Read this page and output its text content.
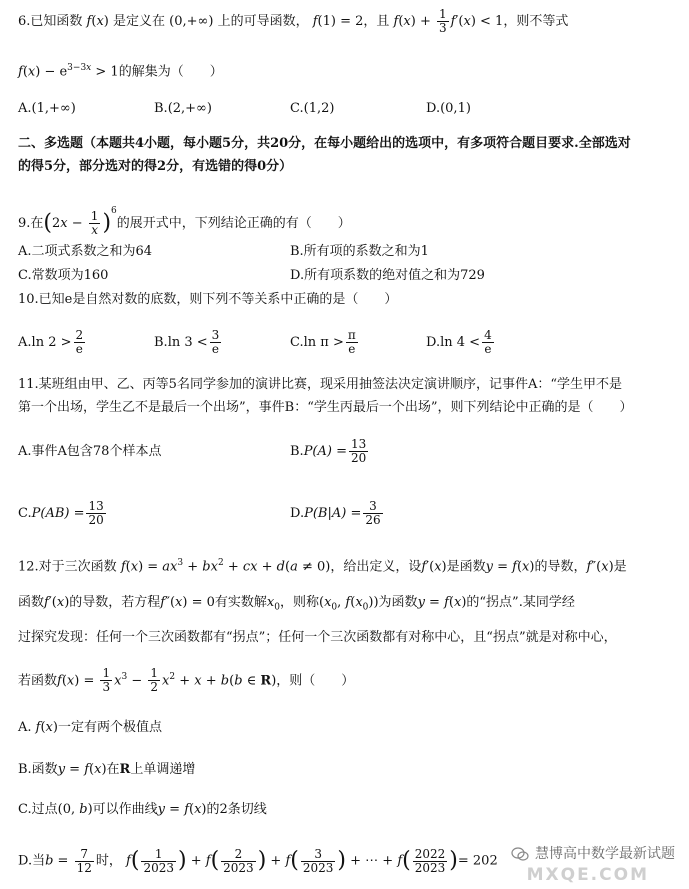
6.已知函数 f(x) 是定义在 (0,+∞) 上的可导函数， f(1) = 2，且 $f(x) + \frac{1}{3} f'(x) < 1$，则不等式
$f(x) - e^{3-3x} > 1$的解集为（　　）
A.(1,+∞)	B.(2,+∞)	C.(1,2)	D.(0,1)
二、多选题（本题共4小题，每小题5分，共20分，在每小题给出的选项中，有多项符合题目要求.全部选对
的得5分，部分选对的得2分，有选错的得0分）
9.在$(2x - \frac{1}{x} )^6$的展开式中，下列结论正确的有（　　）
A.二项式系数之和为64	B.所有项的系数之和为1
C.常数项为160	D.所有项系数的绝对值之和为729
10.已知e是自然对数的底数，则下列不等关系中正确的是（　　）
A.ln $2 > \frac{2}{e}$	B.ln $3 < \frac{3}{e}$	C.ln $\pi > \frac{\pi}{e}$	D.ln $4 < \frac{4}{e}$
11.某班组由甲、乙、丙等5名同学参加的演讲比赛，现采用抽签法决定演讲顺序，记事件A：“学生甲不是
第一个出场，学生乙不是最后一个出场”，事件B：“学生丙最后一个出场”，则下列结论中正确的是（　　）
A.事件A包含78个样本点	$B.P(A) = \frac{13}{20}$
$C.P(AB) = \frac{13}{20}$	$D.P(B|A) = \frac{3}{26}$
12.对于三次函数 $f(x) = ax^3 + bx^2$ + cx + d(a ≠ 0)，给出定义，设f′(x)是函数y = f(x)的导数，f″(x)是
函数f′(x)的导数，若方程f″(x) = 0有实数解$x_0$，则称($x_0$, $f(x_0)$)为函数y = f(x)的“拐点”.某同学经
过探究发现：任何一个三次函数都有“拐点”；任何一个三次函数都有对称中心，且“拐点”就是对称中心，
若函数$f(x) = \frac{1}{3} x^3 - \frac{1}{2} x^2 + x + b(b$ ∈ R)，则（　　）
A. f(x)一定有两个极值点
B.函数y = f(x)在R上单调递增
C.过点(0, b)可以作曲线y = f(x)的2条切线
D.当$b = \frac{7}{12}$ 时， $f( \frac{1}{2023}$ ) + $f( \frac{2}{2023}$ ) + $f( \frac{3}{2023}$ ) + ⋯ + $f( \frac{2022}{2023}$ )= 202	慧博高中数学最新试题
MXQE.COM
